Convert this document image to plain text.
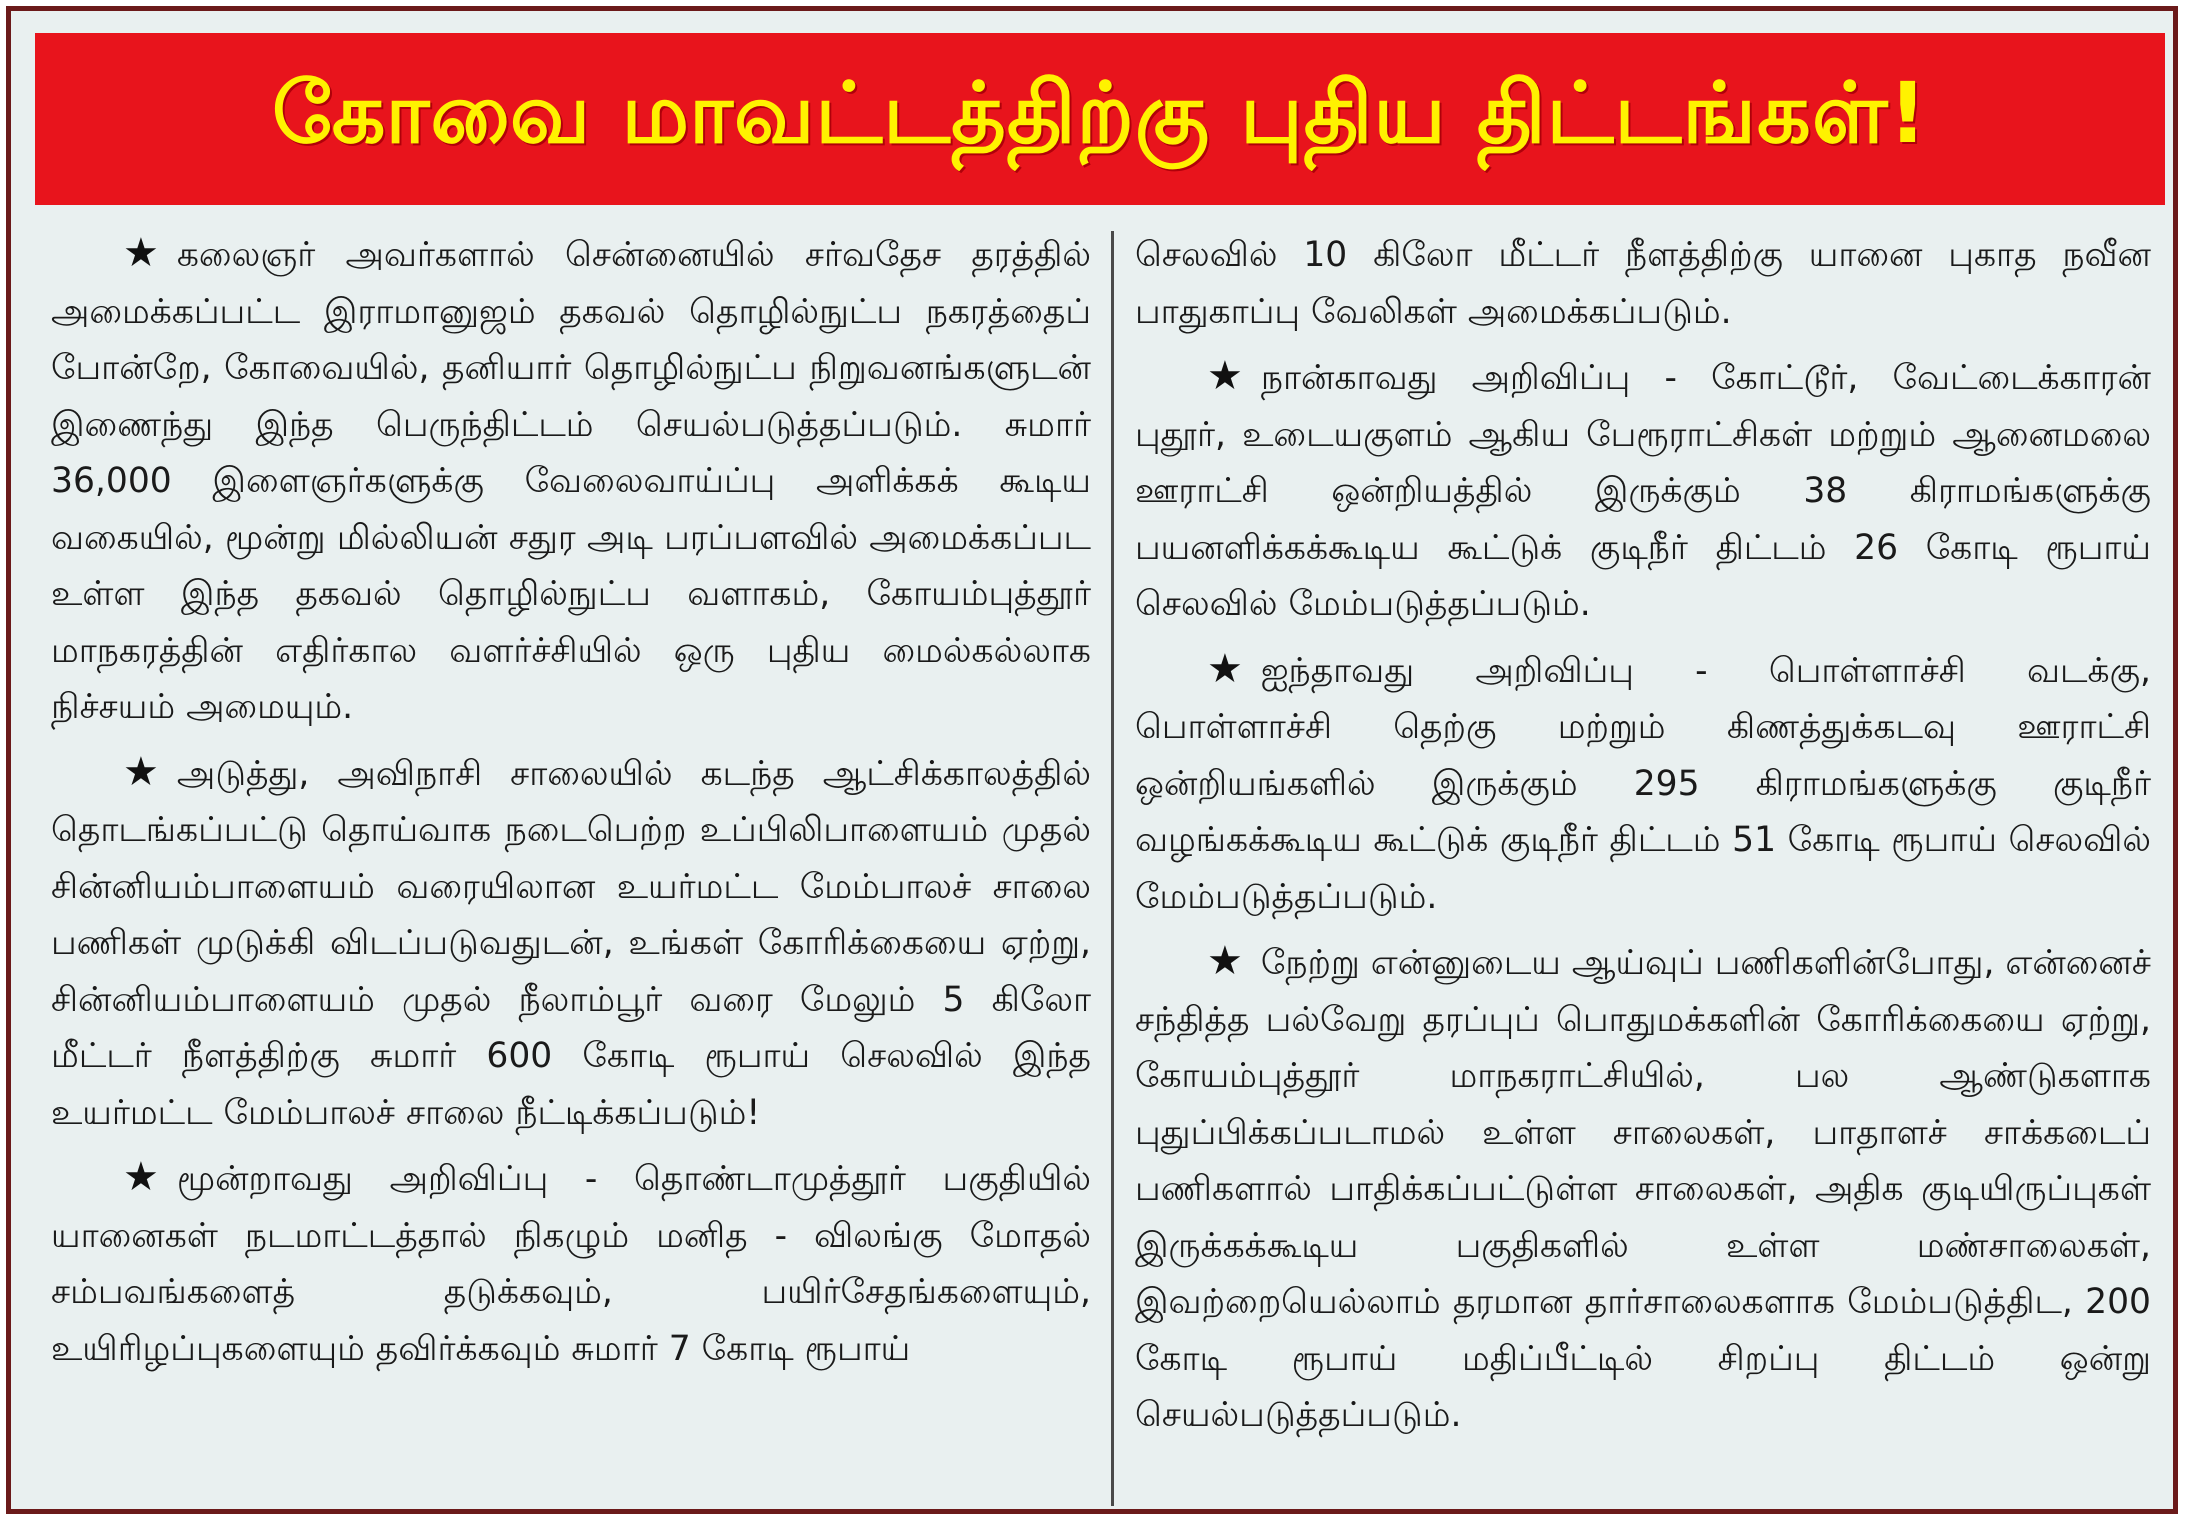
கோவை மாவட்டத்திற்கு புதிய திட்டங்கள்!

★ கலைஞர் அவர்களால் சென்னையில் சர்வதேச தரத்தில் அமைக்கப்பட்ட இராமானுஜம் தகவல் தொழில்நுட்ப நகரத்தைப் போன்றே, கோவையில், தனியார் தொழில்நுட்ப நிறுவனங்களுடன் இணைந்து இந்த பெருந்திட்டம் செயல்படுத்தப்படும். சுமார் 36,000 இளைஞர்களுக்கு வேலைவாய்ப்பு அளிக்கக் கூடிய வகையில், மூன்று மில்லியன் சதுர அடி பரப்பளவில் அமைக்கப்பட உள்ள இந்த தகவல் தொழில்நுட்ப வளாகம், கோயம்புத்தூர் மாநகரத்தின் எதிர்கால வளர்ச்சியில் ஒரு புதிய மைல்கல்லாக நிச்சயம் அமையும்.

★ அடுத்து, அவிநாசி சாலையில் கடந்த ஆட்சிக்காலத்தில் தொடங்கப்பட்டு தொய்வாக நடைபெற்ற உப்பிலிபாளையம் முதல் சின்னியம்பாளையம் வரையிலான உயர்மட்ட மேம்பாலச் சாலை பணிகள் முடுக்கி விடப்படுவதுடன், உங்கள் கோரிக்கையை ஏற்று, சின்னியம்பாளையம் முதல் நீலாம்பூர் வரை மேலும் 5 கிலோ மீட்டர் நீளத்திற்கு சுமார் 600 கோடி ரூபாய் செலவில் இந்த உயர்மட்ட மேம்பாலச் சாலை நீட்டிக்கப்படும்!

★ மூன்றாவது அறிவிப்பு - தொண்டாமுத்தூர் பகுதியில் யானைகள் நடமாட்டத்தால் நிகழும் மனித - விலங்கு மோதல் சம்பவங்களைத் தடுக்கவும், பயிர்சேதங்களையும், உயிரிழப்புகளையும் தவிர்க்கவும் சுமார் 7 கோடி ரூபாய்

செலவில் 10 கிலோ மீட்டர் நீளத்திற்கு யானை புகாத நவீன பாதுகாப்பு வேலிகள் அமைக்கப்படும்.

★ நான்காவது அறிவிப்பு - கோட்டூர், வேட்டைக்காரன் புதூர், உடையகுளம் ஆகிய பேரூராட்சிகள் மற்றும் ஆனைமலை ஊராட்சி ஒன்றியத்தில் இருக்கும் 38 கிராமங்களுக்கு பயனளிக்கக்கூடிய கூட்டுக் குடிநீர் திட்டம் 26 கோடி ரூபாய் செலவில் மேம்படுத்தப்படும்.

★ ஐந்தாவது அறிவிப்பு - பொள்ளாச்சி வடக்கு, பொள்ளாச்சி தெற்கு மற்றும் கிணத்துக்கடவு ஊராட்சி ஒன்றியங்களில் இருக்கும் 295 கிராமங்களுக்கு குடிநீர் வழங்கக்கூடிய கூட்டுக் குடிநீர் திட்டம் 51 கோடி ரூபாய் செலவில் மேம்படுத்தப்படும்.

★ நேற்று என்னுடைய ஆய்வுப் பணிகளின்போது, என்னைச் சந்தித்த பல்வேறு தரப்புப் பொதுமக்களின் கோரிக்கையை ஏற்று, கோயம்புத்தூர் மாநகராட்சியில், பல ஆண்டுகளாக புதுப்பிக்கப்படாமல் உள்ள சாலைகள், பாதாளச் சாக்கடைப் பணிகளால் பாதிக்கப்பட்டுள்ள சாலைகள், அதிக குடியிருப்புகள் இருக்கக்கூடிய பகுதிகளில் உள்ள மண்சாலைகள், இவற்றையெல்லாம் தரமான தார்சாலைகளாக மேம்படுத்திட, 200 கோடி ரூபாய் மதிப்பீட்டில் சிறப்பு திட்டம் ஒன்று செயல்படுத்தப்படும்.
